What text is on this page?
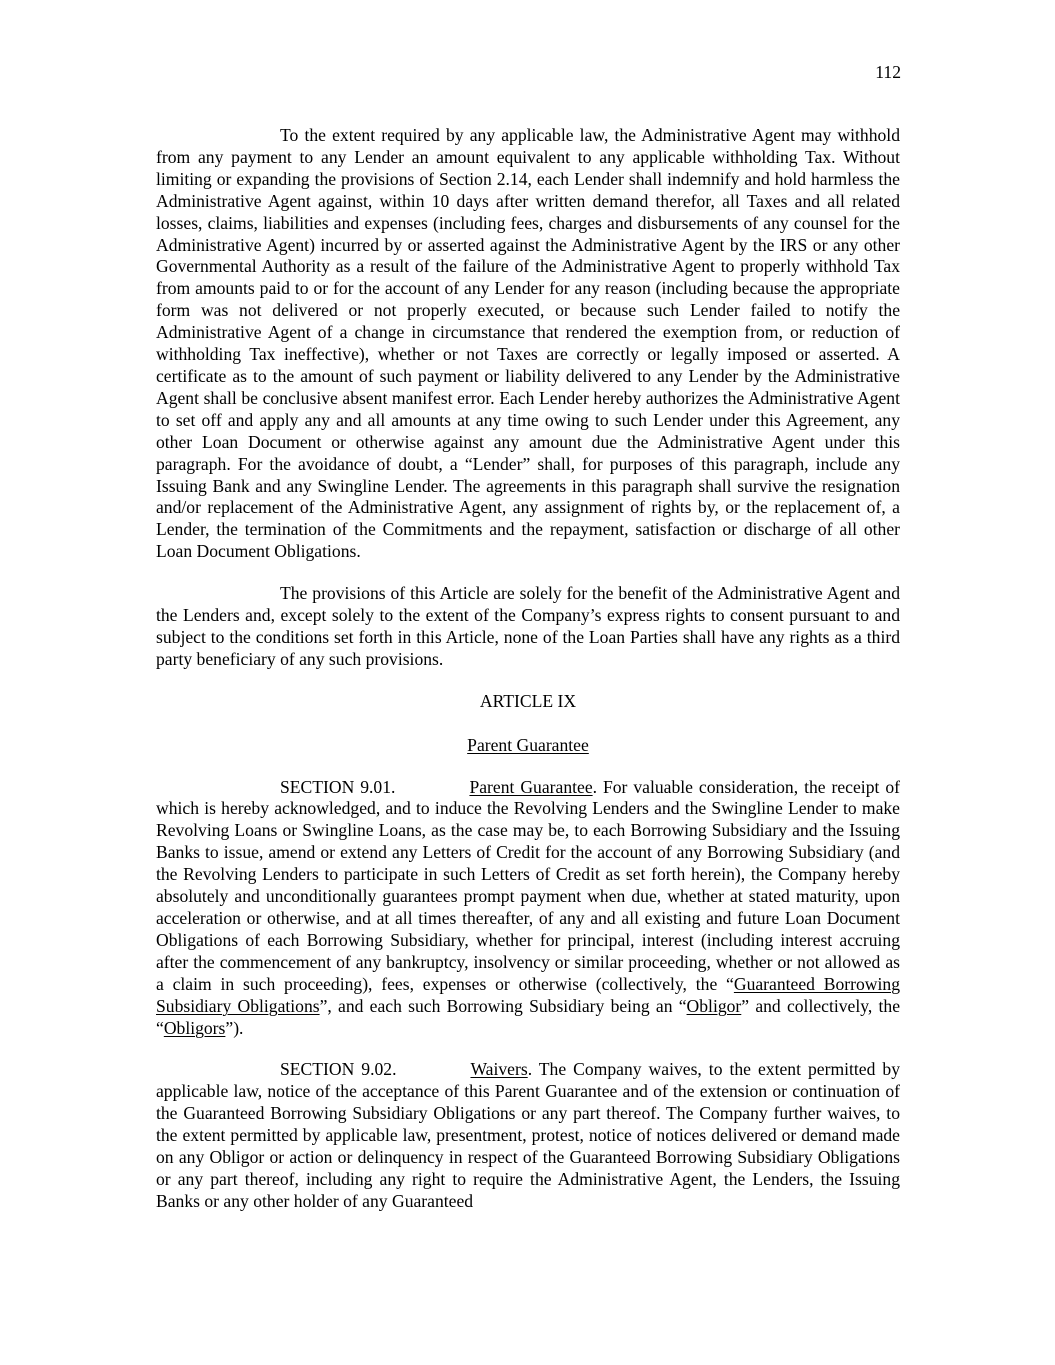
112

To the extent required by any applicable law, the Administrative Agent may withhold from any payment to any Lender an amount equivalent to any applicable withholding Tax. Without limiting or expanding the provisions of Section 2.14, each Lender shall indemnify and hold harmless the Administrative Agent against, within 10 days after written demand therefor, all Taxes and all related losses, claims, liabilities and expenses (including fees, charges and disbursements of any counsel for the Administrative Agent) incurred by or asserted against the Administrative Agent by the IRS or any other Governmental Authority as a result of the failure of the Administrative Agent to properly withhold Tax from amounts paid to or for the account of any Lender for any reason (including because the appropriate form was not delivered or not properly executed, or because such Lender failed to notify the Administrative Agent of a change in circumstance that rendered the exemption from, or reduction of withholding Tax ineffective), whether or not Taxes are correctly or legally imposed or asserted. A certificate as to the amount of such payment or liability delivered to any Lender by the Administrative Agent shall be conclusive absent manifest error. Each Lender hereby authorizes the Administrative Agent to set off and apply any and all amounts at any time owing to such Lender under this Agreement, any other Loan Document or otherwise against any amount due the Administrative Agent under this paragraph. For the avoidance of doubt, a “Lender” shall, for purposes of this paragraph, include any Issuing Bank and any Swingline Lender. The agreements in this paragraph shall survive the resignation and/or replacement of the Administrative Agent, any assignment of rights by, or the replacement of, a Lender, the termination of the Commitments and the repayment, satisfaction or discharge of all other Loan Document Obligations.

The provisions of this Article are solely for the benefit of the Administrative Agent and the Lenders and, except solely to the extent of the Company’s express rights to consent pursuant to and subject to the conditions set forth in this Article, none of the Loan Parties shall have any rights as a third party beneficiary of any such provisions.

ARTICLE IX

Parent Guarantee

SECTION 9.01.	Parent Guarantee. For valuable consideration, the receipt of which is hereby acknowledged, and to induce the Revolving Lenders and the Swingline Lender to make Revolving Loans or Swingline Loans, as the case may be, to each Borrowing Subsidiary and the Issuing Banks to issue, amend or extend any Letters of Credit for the account of any Borrowing Subsidiary (and the Revolving Lenders to participate in such Letters of Credit as set forth herein), the Company hereby absolutely and unconditionally guarantees prompt payment when due, whether at stated maturity, upon acceleration or otherwise, and at all times thereafter, of any and all existing and future Loan Document Obligations of each Borrowing Subsidiary, whether for principal, interest (including interest accruing after the commencement of any bankruptcy, insolvency or similar proceeding, whether or not allowed as a claim in such proceeding), fees, expenses or otherwise (collectively, the “Guaranteed Borrowing Subsidiary Obligations”, and each such Borrowing Subsidiary being an “Obligor” and collectively, the “Obligors”).

SECTION 9.02.	Waivers. The Company waives, to the extent permitted by applicable law, notice of the acceptance of this Parent Guarantee and of the extension or continuation of the Guaranteed Borrowing Subsidiary Obligations or any part thereof. The Company further waives, to the extent permitted by applicable law, presentment, protest, notice of notices delivered or demand made on any Obligor or action or delinquency in respect of the Guaranteed Borrowing Subsidiary Obligations or any part thereof, including any right to require the Administrative Agent, the Lenders, the Issuing Banks or any other holder of any Guaranteed
